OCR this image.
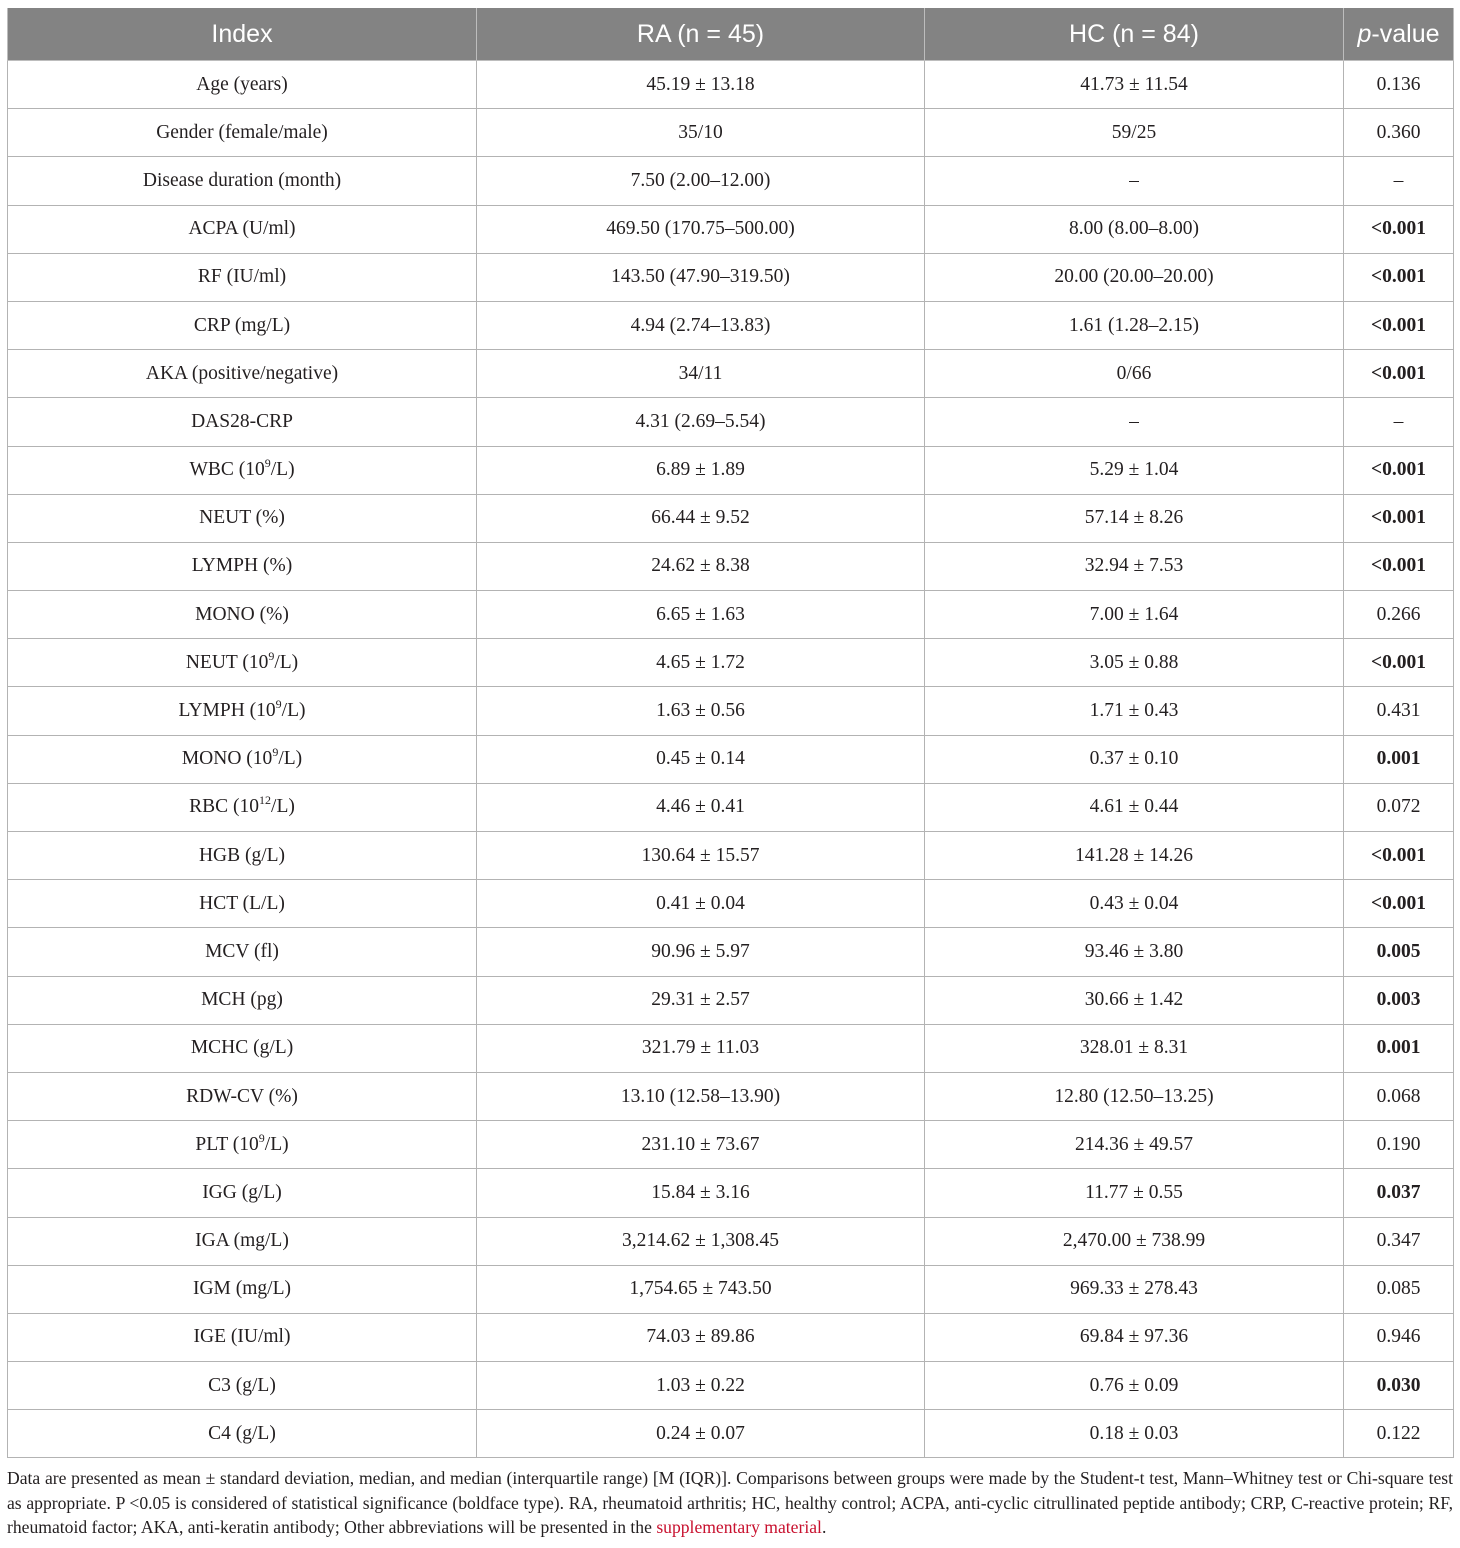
Index	RA (n = 45)	HC (n = 84)	p-value
Age (years)	45.19 ± 13.18	41.73 ± 11.54	0.136
Gender (female/male)	35/10	59/25	0.360
Disease duration (month)	7.50 (2.00–12.00)	–	–
ACPA (U/ml)	469.50 (170.75–500.00)	8.00 (8.00–8.00)	<0.001
RF (IU/ml)	143.50 (47.90–319.50)	20.00 (20.00–20.00)	<0.001
CRP (mg/L)	4.94 (2.74–13.83)	1.61 (1.28–2.15)	<0.001
AKA (positive/negative)	34/11	0/66	<0.001
DAS28-CRP	4.31 (2.69–5.54)	–	–
WBC $(10^9/L)$	6.89 ± 1.89	5.29 ± 1.04	<0.001
NEUT (%)	66.44 ± 9.52	57.14 ± 8.26	<0.001
LYMPH (%)	24.62 ± 8.38	32.94 ± 7.53	<0.001
MONO (%)	6.65 ± 1.63	7.00 ± 1.64	0.266
NEUT $(10^9/L)$	4.65 ± 1.72	3.05 ± 0.88	<0.001
LYMPH $(10^9/L)$	1.63 ± 0.56	1.71 ± 0.43	0.431
MONO $(10^9/L)$	0.45 ± 0.14	0.37 ± 0.10	0.001
RBC $(10^{12}/L)$	4.46 ± 0.41	4.61 ± 0.44	0.072
HGB (g/L)	130.64 ± 15.57	141.28 ± 14.26	<0.001
HCT (L/L)	0.41 ± 0.04	0.43 ± 0.04	<0.001
MCV (fl)	90.96 ± 5.97	93.46 ± 3.80	0.005
MCH (pg)	29.31 ± 2.57	30.66 ± 1.42	0.003
MCHC (g/L)	321.79 ± 11.03	328.01 ± 8.31	0.001
RDW-CV (%)	13.10 (12.58–13.90)	12.80 (12.50–13.25)	0.068
PLT $(10^9/L)$	231.10 ± 73.67	214.36 ± 49.57	0.190
IGG (g/L)	15.84 ± 3.16	11.77 ± 0.55	0.037
IGA (mg/L)	3,214.62 ± 1,308.45	2,470.00 ± 738.99	0.347
IGM (mg/L)	1,754.65 ± 743.50	969.33 ± 278.43	0.085
IGE (IU/ml)	74.03 ± 89.86	69.84 ± 97.36	0.946
C3 (g/L)	1.03 ± 0.22	0.76 ± 0.09	0.030
C4 (g/L)	0.24 ± 0.07	0.18 ± 0.03	0.122
Data are presented as mean ± standard deviation, median, and median (interquartile range) [M (IQR)]. Comparisons between groups were made by the Student-t test, Mann–Whitney test or Chi-square test as appropriate. P <0.05 is considered of statistical significance (boldface type). RA, rheumatoid arthritis; HC, healthy control; ACPA, anti-cyclic citrullinated peptide antibody; CRP, C-reactive protein; RF, rheumatoid factor; AKA, anti-keratin antibody; Other abbreviations will be presented in the supplementary material.
